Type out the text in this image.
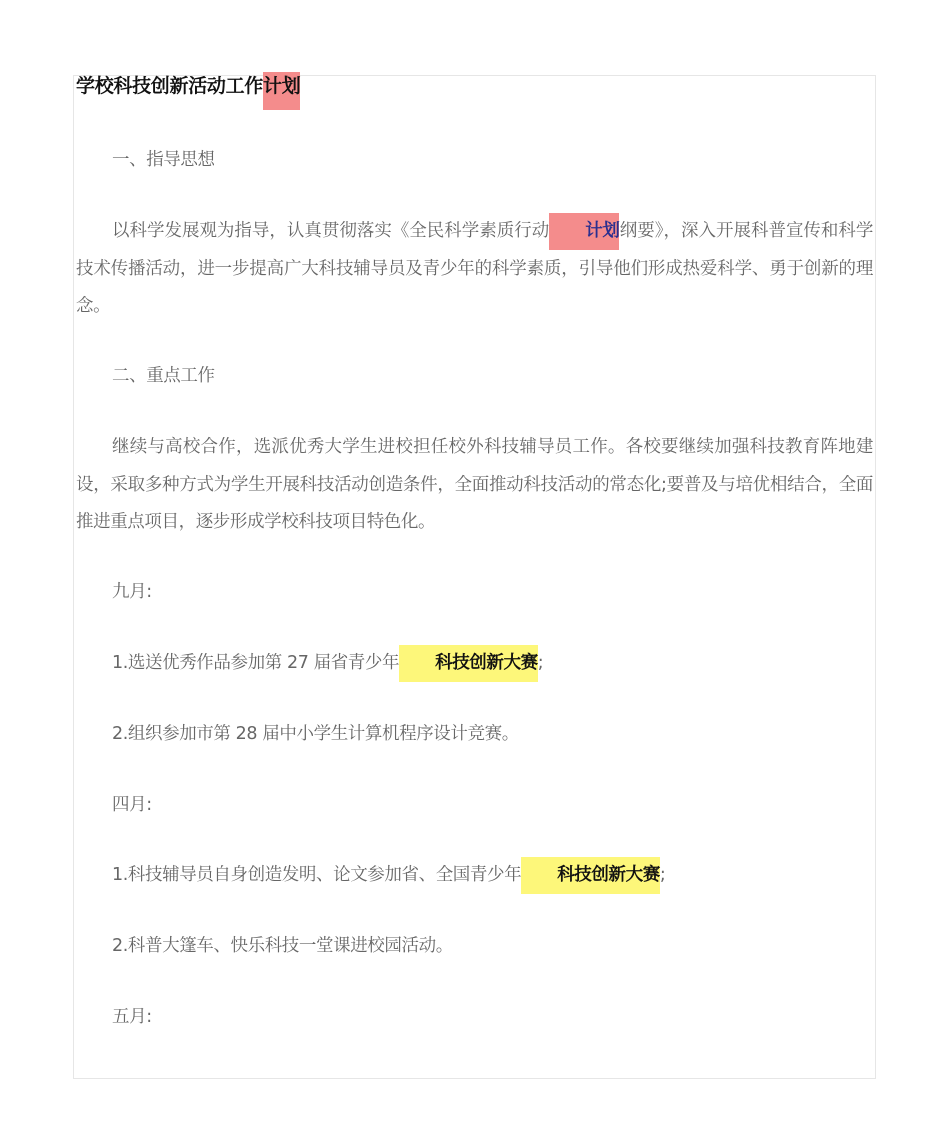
学校科技创新活动工作计划
一、指导思想
以科学发展观为指导，认真贯彻落实《全民科学素质行动 计划纲要》，深入开展科普宣传和科学技术传播活动，进一步提高广大科技辅导员及青少年的科学素质，引导他们形成热爱科学、勇于创新的理念。
二、重点工作
继续与高校合作，选派优秀大学生进校担任校外科技辅导员工作。各校要继续加强科技教育阵地建设，采取多种方式为学生开展科技活动创造条件，全面推动科技活动的常态化;要普及与培优相结合，全面推进重点项目，逐步形成学校科技项目特色化。
九月:
1.选送优秀作品参加第 27 届省青少年 科技创新大赛;
2.组织参加市第 28 届中小学生计算机程序设计竞赛。
四月:
1.科技辅导员自身创造发明、论文参加省、全国青少年 科技创新大赛;
2.科普大篷车、快乐科技一堂课进校园活动。
五月:
